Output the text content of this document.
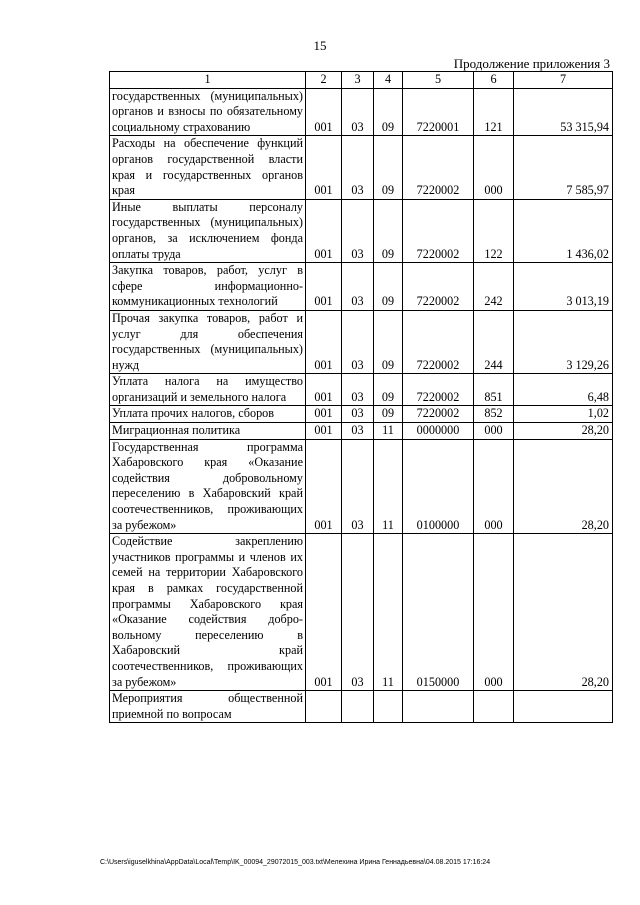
15
Продолжение приложения 3
1	2	3	4	5	6	7
государственных (муниципальных) органов и взносы по обязательному социальному страхованию	001	03	09	7220001	121	53 315,94
Расходы на обеспечение функций органов государственной власти края и государственных органов края	001	03	09	7220002	000	7 585,97
Иные выплаты персоналу государственных (муниципальных) органов, за исключением фонда оплаты труда	001	03	09	7220002	122	1 436,02
Закупка товаров, работ, услуг в сфере информационно-коммуникационных технологий	001	03	09	7220002	242	3 013,19
Прочая закупка товаров, работ и услуг для обеспечения государственных (муниципальных) нужд	001	03	09	7220002	244	3 129,26
Уплата налога на имущество организаций и земельного налога	001	03	09	7220002	851	6,48
Уплата прочих налогов, сборов	001	03	09	7220002	852	1,02
Миграционная политика	001	03	11	0000000	000	28,20
Государственная программа Хабаровского края «Оказание содействия добровольному переселению в Хабаровский край соотечественников, проживающих за рубежом»	001	03	11	0100000	000	28,20
Содействие закреплению участников программы и членов их семей на территории Хабаровского края в рамках государственной программы Хабаровского края «Оказание содействия добро-вольному переселению в Хабаровский край соотечественников, проживающих за рубежом»	001	03	11	0150000	000	28,20
Мероприятия общественной приемной по вопросам						
C:\Users\iguselkhina\AppData\Local\Temp\IK_00094_29072015_003.txt\Мелехина Ирина Геннадьевна\04.08.2015 17:16:24
